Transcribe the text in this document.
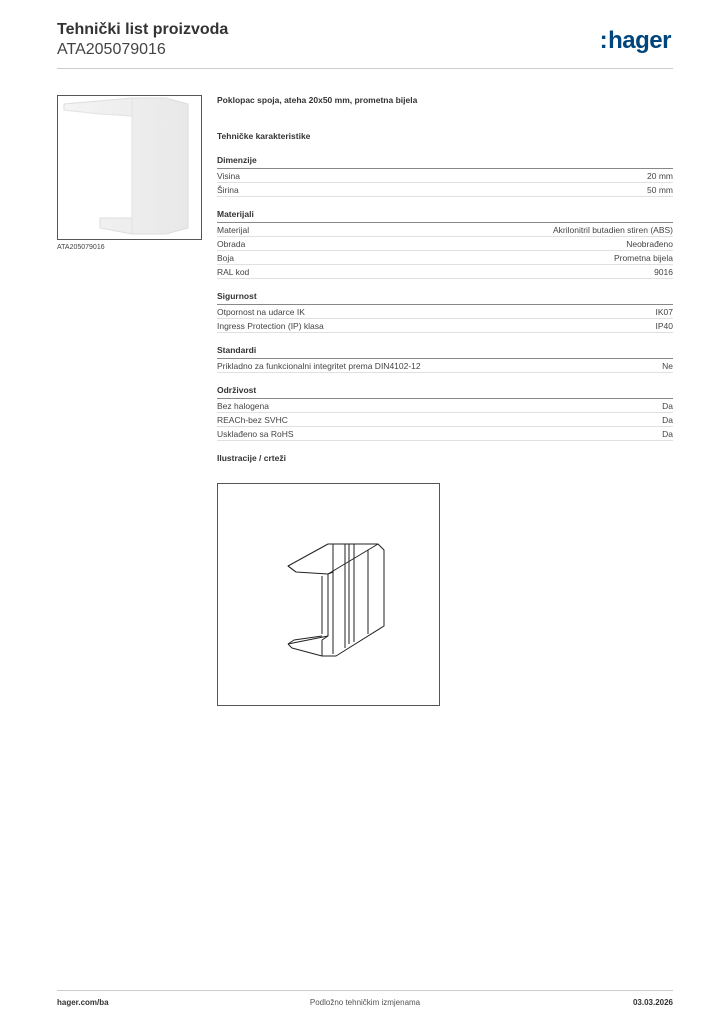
Tehnički list proizvoda
ATA205079016	:hager
ATA205079016
Poklopac spoja, ateha 20x50 mm, prometna bijela
Tehničke karakteristike
Dimenzije
Visina	20 mm
Širina	50 mm
Materijali
Materijal	Akrilonitril butadien stiren (ABS)
Obrada	Neobrađeno
Boja	Prometna bijela
RAL kod	9016
Sigurnost
Otpornost na udarce IK	IK07
Ingress Protection (IP) klasa	IP40
Standardi
Prikladno za funkcionalni integritet prema DIN4102-12	Ne
Održivost
Bez halogena	Da
REACh-bez SVHC	Da
Usklađeno sa RoHS	Da
Ilustracije / crteži
Podložno tehničkim izmjenama
hager.com/ba	03.03.2026
